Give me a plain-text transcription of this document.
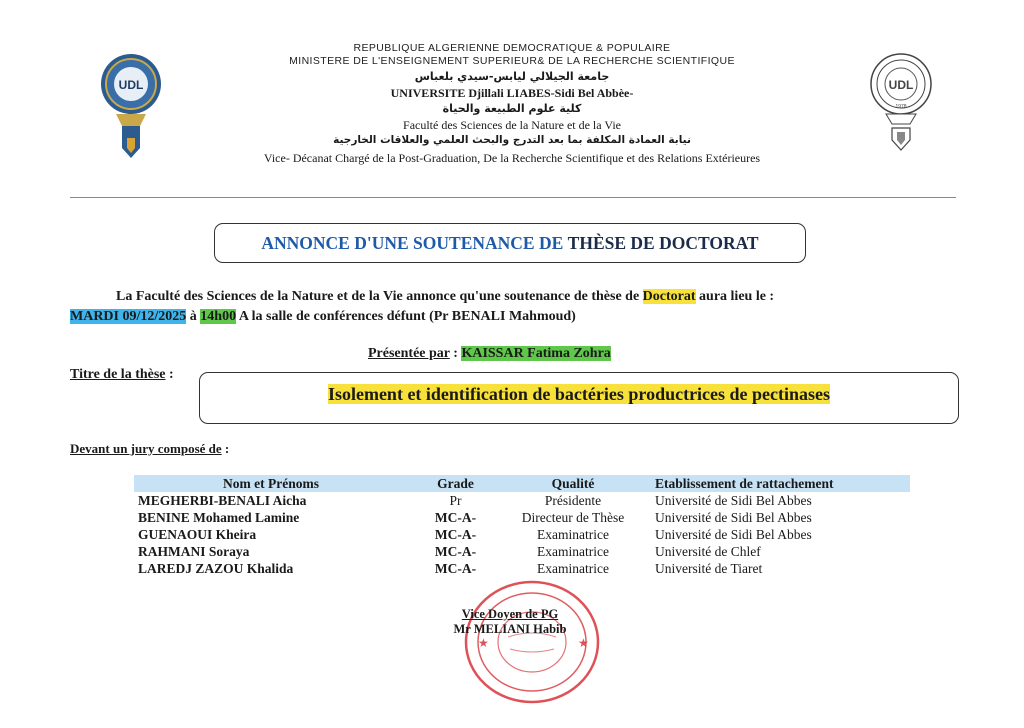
UDL	UDL
1978
REPUBLIQUE ALGERIENNE DEMOCRATIQUE & POPULAIRE
MINISTERE DE L'ENSEIGNEMENT SUPERIEUR& DE LA RECHERCHE SCIENTIFIQUE
جامعة الجيلالي ليابس-سيدي بلعباس
UNIVERSITE Djillali LIABES-Sidi Bel Abbèe-
كلية علوم الطبيعة والحياة
Faculté des Sciences de la Nature et de la Vie
نيابة العمادة المكلفة بما بعد التدرج والبحث العلمي والعلاقات الخارجية
Vice- Décanat Chargé de la Post-Graduation, De la Recherche Scientifique et des Relations Extérieures
ANNONCE D'UNE SOUTENANCE DE
THÈSE DE DOCTORAT
La Faculté des Sciences de la Nature et de la Vie annonce qu'une soutenance de thèse de Doctorat aura lieu le :
MARDI 09/12/2025 à 14h00 A la salle de conférences défunt (Pr BENALI Mahmoud)
Présentée par : KAISSAR Fatima Zohra
Titre de la thèse :
Isolement et identification de bactéries productrices de pectinases
Devant un jury composé de :
Nom et Prénoms	Grade	Qualité	Etablissement de rattachement
MEGHERBI-BENALI Aicha	Pr	Présidente	Université de Sidi Bel Abbes
BENINE Mohamed Lamine	MC-A-	Directeur de Thèse	Université de Sidi Bel Abbes
GUENAOUI Kheira	MC-A-	Examinatrice	Université de Sidi Bel Abbes
RAHMANI Soraya	MC-A-	Examinatrice	Université de Chlef
LAREDJ ZAZOU Khalida	MC-A-	Examinatrice	Université de Tiaret
★	★
Vice Doyen de PG
Mr MELIANI Habib
